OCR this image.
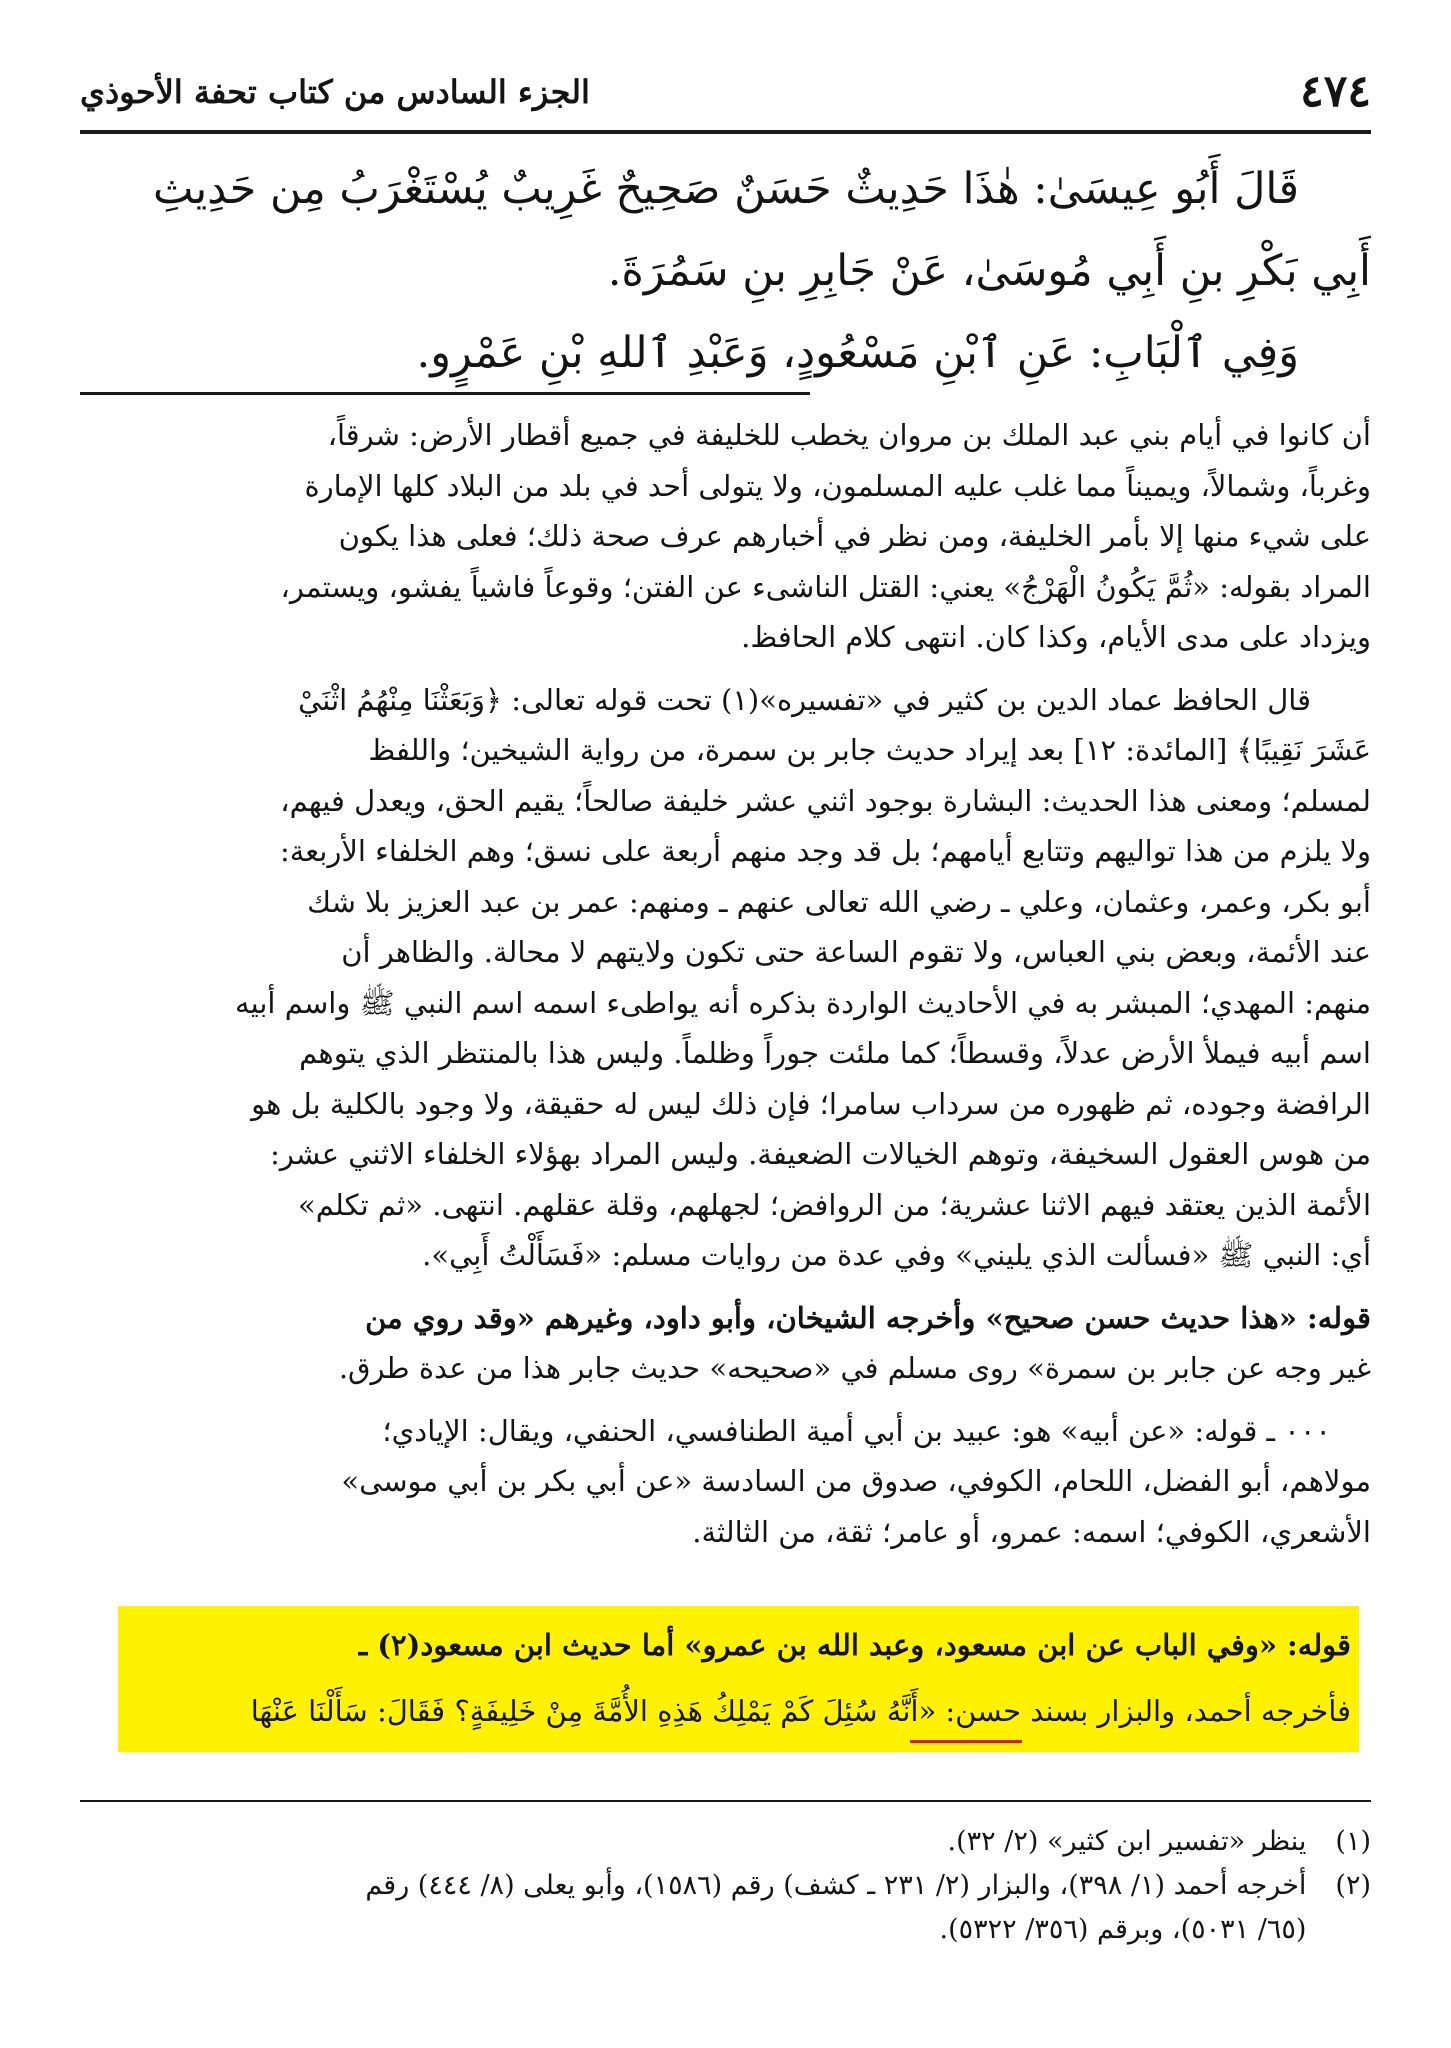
٤٧٤
الجزء السادس من كتاب تحفة الأحوذي
قَالَ أَبُو عِيسَىٰ: هٰذَا حَدِيثٌ حَسَنٌ صَحِيحٌ غَرِيبٌ يُسْتَغْرَبُ مِن حَدِيثِ
أَبِي بَكْرِ بنِ أَبِي مُوسَىٰ، عَنْ جَابِرِ بنِ سَمُرَةَ.
وَفِي ٱلْبَابِ: عَنِ ٱبْنِ مَسْعُودٍ، وَعَبْدِ ٱللهِ بْنِ عَمْرٍو.
أن كانوا في أيام بني عبد الملك بن مروان يخطب للخليفة في جميع أقطار الأرض: شرقاً،
وغرباً، وشمالاً، ويميناً مما غلب عليه المسلمون، ولا يتولى أحد في بلد من البلاد كلها الإمارة
على شيء منها إلا بأمر الخليفة، ومن نظر في أخبارهم عرف صحة ذلك؛ فعلى هذا يكون
المراد بقوله: «ثُمَّ يَكُونُ الْهَرْجُ» يعني: القتل الناشىء عن الفتن؛ وقوعاً فاشياً يفشو، ويستمر،
ويزداد على مدى الأيام، وكذا كان. انتهى كلام الحافظ.
قال الحافظ عماد الدين بن كثير في «تفسيره»(١) تحت قوله تعالى: ﴿وَبَعَثْنَا مِنْهُمُ اثْنَيْ
عَشَرَ نَقِيبًا﴾ [المائدة: ١٢] بعد إيراد حديث جابر بن سمرة، من رواية الشيخين؛ واللفظ
لمسلم؛ ومعنى هذا الحديث: البشارة بوجود اثني عشر خليفة صالحاً؛ يقيم الحق، ويعدل فيهم،
ولا يلزم من هذا تواليهم وتتابع أيامهم؛ بل قد وجد منهم أربعة على نسق؛ وهم الخلفاء الأربعة:
أبو بكر، وعمر، وعثمان، وعلي ـ رضي الله تعالى عنهم ـ ومنهم: عمر بن عبد العزيز بلا شك
عند الأئمة، وبعض بني العباس، ولا تقوم الساعة حتى تكون ولايتهم لا محالة. والظاهر أن
منهم: المهدي؛ المبشر به في الأحاديث الواردة بذكره أنه يواطىء اسمه اسم النبي ﷺ واسم أبيه
اسم أبيه فيملأ الأرض عدلاً، وقسطاً؛ كما ملئت جوراً وظلماً. وليس هذا بالمنتظر الذي يتوهم
الرافضة وجوده، ثم ظهوره من سرداب سامرا؛ فإن ذلك ليس له حقيقة، ولا وجود بالكلية بل هو
من هوس العقول السخيفة، وتوهم الخيالات الضعيفة. وليس المراد بهؤلاء الخلفاء الاثني عشر:
الأئمة الذين يعتقد فيهم الاثنا عشرية؛ من الروافض؛ لجهلهم، وقلة عقلهم. انتهى. «ثم تكلم»
أي: النبي ﷺ «فسألت الذي يليني» وفي عدة من روايات مسلم: «فَسَأَلْتُ أَبِي».
قوله: «هذا حديث حسن صحيح» وأخرجه الشيخان، وأبو داود، وغيرهم «وقد روي من
غير وجه عن جابر بن سمرة» روى مسلم في «صحيحه» حديث جابر هذا من عدة طرق.
٠٠٠ ـ قوله: «عن أبيه» هو: عبيد بن أبي أمية الطنافسي، الحنفي، ويقال: الإيادي؛
مولاهم، أبو الفضل، اللحام، الكوفي، صدوق من السادسة «عن أبي بكر بن أبي موسى»
الأشعري، الكوفي؛ اسمه: عمرو، أو عامر؛ ثقة، من الثالثة.
قوله: «وفي الباب عن ابن مسعود، وعبد الله بن عمرو» أما حديث ابن مسعود(٢) ـ
فأخرجه أحمد، والبزار بسند حسن: «أَنَّهُ سُئِلَ كَمْ يَمْلِكُ هَذِهِ الأُمَّةَ مِنْ خَلِيفَةٍ؟ فَقَالَ: سَأَلْنَا عَنْهَا
(١) ينظر «تفسير ابن كثير» (٢/ ٣٢).
(٢) أخرجه أحمد (١/ ٣٩٨)، والبزار (٢/ ٢٣١ ـ كشف) رقم (١٥٨٦)، وأبو يعلى (٨/ ٤٤٤) رقم
(٦٥/ ٥٠٣١)، وبرقم (٣٥٦/ ٥٣٢٢).
